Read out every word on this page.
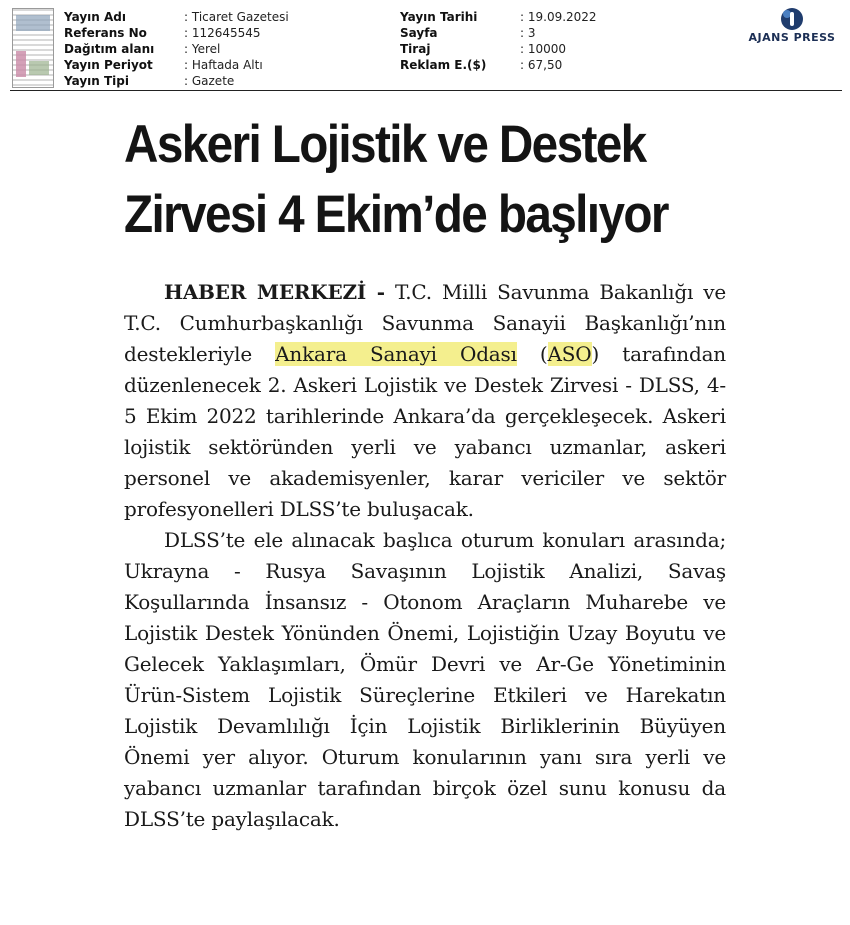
Yayın Adı	: Ticaret Gazetesi
Referans No	: 112645545
Dağıtım alanı	: Yerel
Yayın Periyot	: Haftada Altı
Yayın Tipi	: Gazete
Yayın Tarihi	: 19.09.2022
Sayfa	: 3
Tiraj	: 10000
Reklam E.($)	: 67,50
AJANS PRESS
Askeri Lojistik ve Destek
Zirvesi 4 Ekim’de başlıyor

HABER MERKEZİ - T.C. Milli Savunma Bakanlığı ve T.C. Cumhurbaşkanlığı Savunma Sanayii Başkanlığı’nın destekleriyle Ankara Sanayi Odası (ASO) tarafından düzenlenecek 2. Askeri Lojistik ve Destek Zirvesi - DLSS, 4-5 Ekim 2022 tarihlerinde Ankara’da gerçekleşecek. Askeri lojistik sektöründen yerli ve yabancı uzmanlar, askeri personel ve akademisyenler, karar vericiler ve sektör profesyonelleri DLSS’te buluşacak.

DLSS’te ele alınacak başlıca oturum konuları arasında; Ukrayna - Rusya Savaşının Lojistik Analizi, Savaş Koşullarında İnsansız - Otonom Araçların Muharebe ve Lojistik Destek Yönünden Önemi, Lojistiğin Uzay Boyutu ve Gelecek Yaklaşımları, Ömür Devri ve Ar-Ge Yönetiminin Ürün-Sistem Lojistik Süreçlerine Etkileri ve Harekatın Lojistik Devamlılığı İçin Lojistik Birliklerinin Büyüyen Önemi yer alıyor. Oturum konularının yanı sıra yerli ve yabancı uzmanlar tarafından birçok özel sunu konusu da DLSS’te paylaşılacak.
